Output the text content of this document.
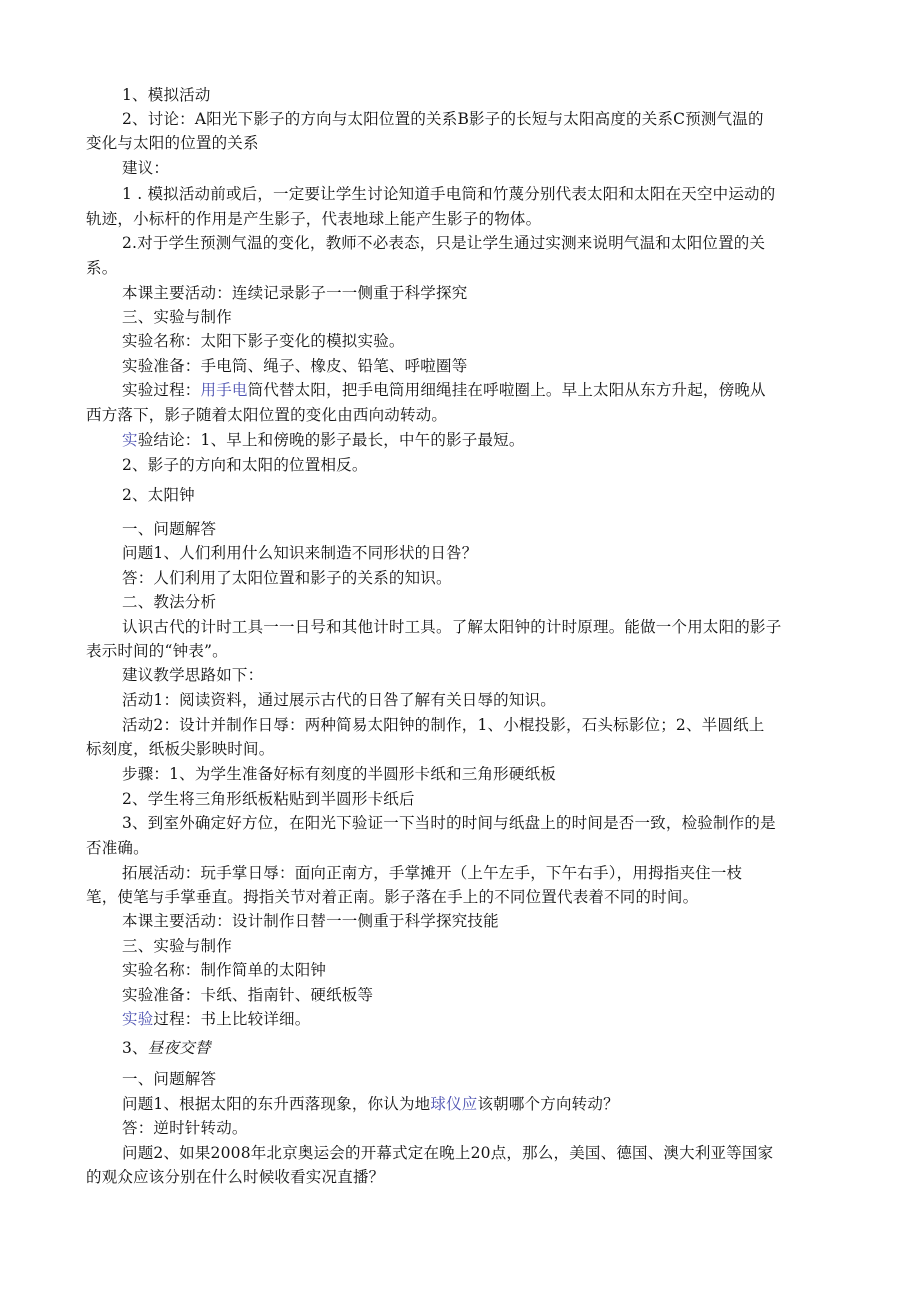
1、模拟活动
2、讨论：A阳光下影子的方向与太阳位置的关系B影子的长短与太阳高度的关系C预测气温的
变化与太阳的位置的关系
建议：
1 . 模拟活动前或后，一定要让学生讨论知道手电筒和竹蔑分别代表太阳和太阳在天空中运动的
轨迹，小标杆的作用是产生影子，代表地球上能产生影子的物体。
2.对于学生预测气温的变化，教师不必表态，只是让学生通过实测来说明气温和太阳位置的关
系。
本课主要活动：连续记录影子一一侧重于科学探究
三、实验与制作
实验名称：太阳下影子变化的模拟实验。
实验准备：手电筒、绳子、橡皮、铅笔、呼啦圈等
实验过程：用手电筒代替太阳，把手电筒用细绳挂在呼啦圈上。早上太阳从东方升起，傍晚从
西方落下，影子随着太阳位置的变化由西向动转动。
实验结论：1、早上和傍晚的影子最长，中午的影子最短。
2、影子的方向和太阳的位置相反。
2、太阳钟
一、问题解答
问题1、人们利用什么知识来制造不同形状的日咎？
答：人们利用了太阳位置和影子的关系的知识。
二、教法分析
认识古代的计时工具一一日号和其他计时工具。了解太阳钟的计时原理。能做一个用太阳的影子
表示时间的“钟表”。
建议教学思路如下：
活动1：阅读资料，通过展示古代的日咎了解有关日辱的知识。
活动2：设计并制作日辱：两种简易太阳钟的制作，1、小棍投影，石头标影位；2、半圆纸上
标刻度，纸板尖影映时间。
步骤：1、为学生准备好标有刻度的半圆形卡纸和三角形硬纸板
2、学生将三角形纸板粘贴到半圆形卡纸后
3、到室外确定好方位，在阳光下验证一下当时的时间与纸盘上的时间是否一致，检验制作的是
否准确。
拓展活动：玩手掌日辱：面向正南方，手掌摊开（上午左手，下午右手），用拇指夹住一枝
笔，使笔与手掌垂直。拇指关节对着正南。影子落在手上的不同位置代表着不同的时间。
本课主要活动：设计制作日替一一侧重于科学探究技能
三、实验与制作
实验名称：制作简单的太阳钟
实验准备：卡纸、指南针、硬纸板等
实验过程：书上比较详细。
3、昼夜交替
一、问题解答
问题1、根据太阳的东升西落现象，你认为地球仪应该朝哪个方向转动？
答：逆时针转动。
问题2、如果2008年北京奥运会的开幕式定在晚上20点，那么，美国、德国、澳大利亚等国家
的观众应该分别在什么时候收看实况直播？
